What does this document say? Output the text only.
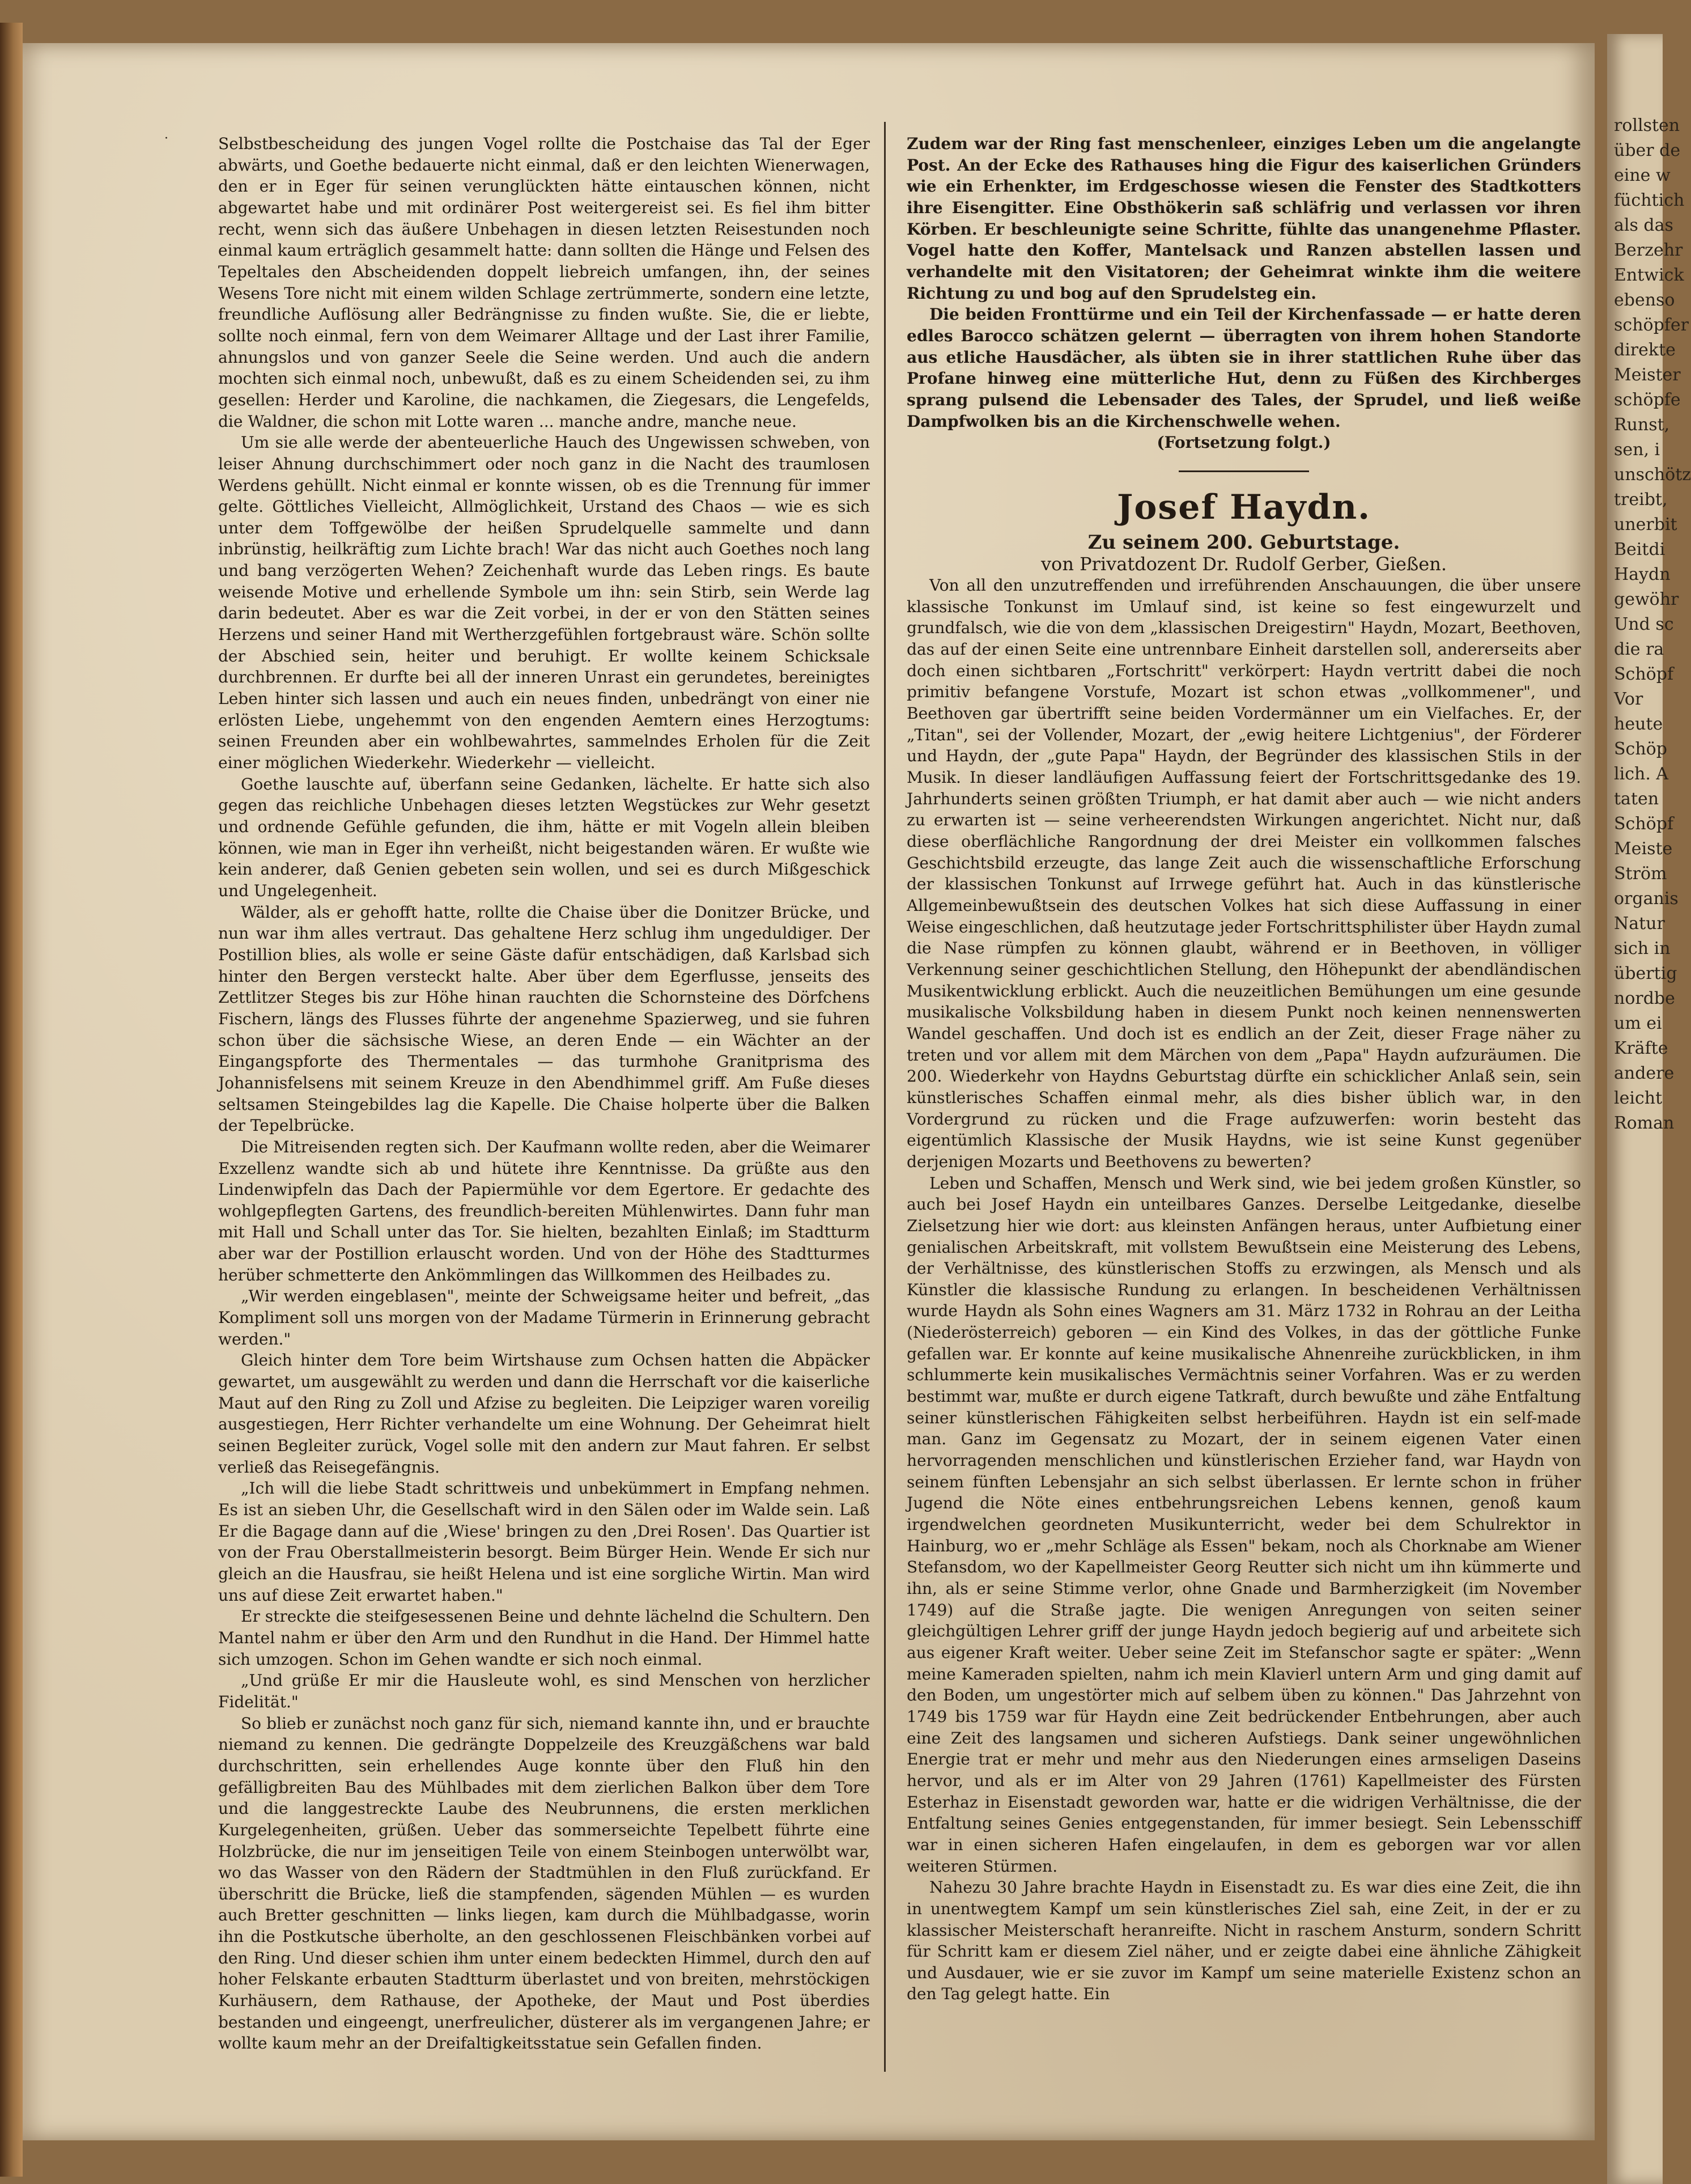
rollsten
über de
eine w
füchtich
als das
Berzehr
Entwick
ebenso
schöpfer
direkte
Meister
schöpfe
Runst,
sen, i
unschötz
treibt,
unerbit
Beitdi
Haydn
gewöhr
Und sc
die ra
Schöpf
Vor
heute
Schöp
lich. A
taten
Schöpf
Meiste
Ström
organis
Natur
sich in
übertig
nordbe
um ei
Kräfte
andere
leicht
Roman
·	Selbstbescheidung des jungen Vogel rollte die Postchaise das Tal der Eger abwärts, und Goethe bedauerte nicht einmal, daß er den leichten Wienerwagen, den er in Eger für seinen verunglückten hätte eintauschen können, nicht abgewartet habe und mit ordinärer Post weitergereist sei. Es fiel ihm bitter recht, wenn sich das äußere Unbehagen in diesen letzten Reisestunden noch einmal kaum erträglich gesammelt hatte: dann sollten die Hänge und Felsen des Tepeltales den Abscheidenden doppelt liebreich umfangen, ihn, der seines Wesens Tore nicht mit einem wilden Schlage zertrümmerte, sondern eine letzte, freundliche Auflösung aller Bedrängnisse zu finden wußte. Sie, die er liebte, sollte noch einmal, fern von dem Weimarer Alltage und der Last ihrer Familie, ahnungslos und von ganzer Seele die Seine werden. Und auch die andern mochten sich einmal noch, unbewußt, daß es zu einem Scheidenden sei, zu ihm gesellen: Herder und Karoline, die nachkamen, die Ziegesars, die Lengefelds, die Waldner, die schon mit Lotte waren ... manche andre, manche neue.

Um sie alle werde der abenteuerliche Hauch des Ungewissen schweben, von leiser Ahnung durchschimmert oder noch ganz in die Nacht des traumlosen Werdens gehüllt. Nicht einmal er konnte wissen, ob es die Trennung für immer gelte. Göttliches Vielleicht, Allmöglichkeit, Urstand des Chaos — wie es sich unter dem Toffgewölbe der heißen Sprudelquelle sammelte und dann inbrünstig, heilkräftig zum Lichte brach! War das nicht auch Goethes noch lang und bang verzögerten Wehen? Zeichenhaft wurde das Leben rings. Es baute weisende Motive und erhellende Symbole um ihn: sein Stirb, sein Werde lag darin bedeutet. Aber es war die Zeit vorbei, in der er von den Stätten seines Herzens und seiner Hand mit Wertherzgefühlen fortgebraust wäre. Schön sollte der Abschied sein, heiter und beruhigt. Er wollte keinem Schicksale durchbrennen. Er durfte bei all der inneren Unrast ein gerundetes, bereinigtes Leben hinter sich lassen und auch ein neues finden, unbedrängt von einer nie erlösten Liebe, ungehemmt von den engenden Aemtern eines Herzogtums: seinen Freunden aber ein wohlbewahrtes, sammelndes Erholen für die Zeit einer möglichen Wiederkehr. Wiederkehr — vielleicht.

Goethe lauschte auf, überfann seine Gedanken, lächelte. Er hatte sich also gegen das reichliche Unbehagen dieses letzten Wegstückes zur Wehr gesetzt und ordnende Gefühle gefunden, die ihm, hätte er mit Vogeln allein bleiben können, wie man in Eger ihn verheißt, nicht beigestanden wären. Er wußte wie kein anderer, daß Genien gebeten sein wollen, und sei es durch Mißgeschick und Ungelegenheit.

Wälder, als er gehofft hatte, rollte die Chaise über die Donitzer Brücke, und nun war ihm alles vertraut. Das gehaltene Herz schlug ihm ungeduldiger. Der Postillion blies, als wolle er seine Gäste dafür entschädigen, daß Karlsbad sich hinter den Bergen versteckt halte. Aber über dem Egerflusse, jenseits des Zettlitzer Steges bis zur Höhe hinan rauchten die Schornsteine des Dörfchens Fischern, längs des Flusses führte der angenehme Spazierweg, und sie fuhren schon über die sächsische Wiese, an deren Ende — ein Wächter an der Eingangspforte des Thermentales — das turmhohe Granitprisma des Johannisfelsens mit seinem Kreuze in den Abendhimmel griff. Am Fuße dieses seltsamen Steingebildes lag die Kapelle. Die Chaise holperte über die Balken der Tepelbrücke.

Die Mitreisenden regten sich. Der Kaufmann wollte reden, aber die Weimarer Exzellenz wandte sich ab und hütete ihre Kenntnisse. Da grüßte aus den Lindenwipfeln das Dach der Papiermühle vor dem Egertore. Er gedachte des wohlgepflegten Gartens, des freundlich-bereiten Mühlenwirtes. Dann fuhr man mit Hall und Schall unter das Tor. Sie hielten, bezahlten Einlaß; im Stadtturm aber war der Postillion erlauscht worden. Und von der Höhe des Stadtturmes herüber schmetterte den Ankömmlingen das Willkommen des Heilbades zu.

„Wir werden eingeblasen", meinte der Schweigsame heiter und befreit, „das Kompliment soll uns morgen von der Madame Türmerin in Erinnerung gebracht werden."

Gleich hinter dem Tore beim Wirtshause zum Ochsen hatten die Abpäcker gewartet, um ausgewählt zu werden und dann die Herrschaft vor die kaiserliche Maut auf den Ring zu Zoll und Afzise zu begleiten. Die Leipziger waren voreilig ausgestiegen, Herr Richter verhandelte um eine Wohnung. Der Geheimrat hielt seinen Begleiter zurück, Vogel solle mit den andern zur Maut fahren. Er selbst verließ das Reisegefängnis.

„Ich will die liebe Stadt schrittweis und unbekümmert in Empfang nehmen. Es ist an sieben Uhr, die Gesellschaft wird in den Sälen oder im Walde sein. Laß Er die Bagage dann auf die ‚Wiese' bringen zu den ‚Drei Rosen'. Das Quartier ist von der Frau Oberstallmeisterin besorgt. Beim Bürger Hein. Wende Er sich nur gleich an die Hausfrau, sie heißt Helena und ist eine sorgliche Wirtin. Man wird uns auf diese Zeit erwartet haben."

Er streckte die steifgesessenen Beine und dehnte lächelnd die Schultern. Den Mantel nahm er über den Arm und den Rundhut in die Hand. Der Himmel hatte sich umzogen. Schon im Gehen wandte er sich noch einmal.

„Und grüße Er mir die Hausleute wohl, es sind Menschen von herzlicher Fidelität."

So blieb er zunächst noch ganz für sich, niemand kannte ihn, und er brauchte niemand zu kennen. Die gedrängte Doppelzeile des Kreuzgäßchens war bald durchschritten, sein erhellendes Auge konnte über den Fluß hin den gefälligbreiten Bau des Mühlbades mit dem zierlichen Balkon über dem Tore und die langgestreckte Laube des Neubrunnens, die ersten merklichen Kurgelegenheiten, grüßen. Ueber das sommerseichte Tepelbett führte eine Holzbrücke, die nur im jenseitigen Teile von einem Steinbogen unterwölbt war, wo das Wasser von den Rädern der Stadtmühlen in den Fluß zurückfand. Er überschritt die Brücke, ließ die stampfenden, sägenden Mühlen — es wurden auch Bretter geschnitten — links liegen, kam durch die Mühlbadgasse, worin ihn die Postkutsche überholte, an den geschlossenen Fleischbänken vorbei auf den Ring. Und dieser schien ihm unter einem bedeckten Himmel, durch den auf hoher Felskante erbauten Stadtturm überlastet und von breiten, mehrstöckigen Kurhäusern, dem Rathause, der Apotheke, der Maut und Post überdies bestanden und eingeengt, unerfreulicher, düsterer als im vergangenen Jahre; er wollte kaum mehr an der Dreifaltigkeitsstatue sein Gefallen finden.

Zudem war der Ring fast menschenleer, einziges Leben um die angelangte Post. An der Ecke des Rathauses hing die Figur des kaiserlichen Gründers wie ein Erhenkter, im Erdgeschosse wiesen die Fenster des Stadtkotters ihre Eisengitter. Eine Obsthökerin saß schläfrig und verlassen vor ihren Körben. Er beschleunigte seine Schritte, fühlte das unangenehme Pflaster. Vogel hatte den Koffer, Mantelsack und Ranzen abstellen lassen und verhandelte mit den Visitatoren; der Geheimrat winkte ihm die weitere Richtung zu und bog auf den Sprudelsteg ein.

Die beiden Fronttürme und ein Teil der Kirchenfassade — er hatte deren edles Barocco schätzen gelernt — überragten von ihrem hohen Standorte aus etliche Hausdächer, als übten sie in ihrer stattlichen Ruhe über das Profane hinweg eine mütterliche Hut, denn zu Füßen des Kirchberges sprang pulsend die Lebensader des Tales, der Sprudel, und ließ weiße Dampfwolken bis an die Kirchenschwelle wehen.

(Fortsetzung folgt.)

Josef Haydn.

Zu seinem 200. Geburtstage.

von Privatdozent Dr. Rudolf Gerber, Gießen.

Von all den unzutreffenden und irreführenden Anschauungen, die über unsere klassische Tonkunst im Umlauf sind, ist keine so fest eingewurzelt und grundfalsch, wie die von dem „klassischen Dreigestirn" Haydn, Mozart, Beethoven, das auf der einen Seite eine untrennbare Einheit darstellen soll, andererseits aber doch einen sichtbaren „Fortschritt" verkörpert: Haydn vertritt dabei die noch primitiv befangene Vorstufe, Mozart ist schon etwas „vollkommener", und Beethoven gar übertrifft seine beiden Vordermänner um ein Vielfaches. Er, der „Titan", sei der Vollender, Mozart, der „ewig heitere Lichtgenius", der Förderer und Haydn, der „gute Papa" Haydn, der Begründer des klassischen Stils in der Musik. In dieser landläufigen Auffassung feiert der Fortschrittsgedanke des 19. Jahrhunderts seinen größten Triumph, er hat damit aber auch — wie nicht anders zu erwarten ist — seine verheerendsten Wirkungen angerichtet. Nicht nur, daß diese oberflächliche Rangordnung der drei Meister ein vollkommen falsches Geschichtsbild erzeugte, das lange Zeit auch die wissenschaftliche Erforschung der klassischen Tonkunst auf Irrwege geführt hat. Auch in das künstlerische Allgemeinbewußtsein des deutschen Volkes hat sich diese Auffassung in einer Weise eingeschlichen, daß heutzutage jeder Fortschrittsphilister über Haydn zumal die Nase rümpfen zu können glaubt, während er in Beethoven, in völliger Verkennung seiner geschichtlichen Stellung, den Höhepunkt der abendländischen Musikentwicklung erblickt. Auch die neuzeitlichen Bemühungen um eine gesunde musikalische Volksbildung haben in diesem Punkt noch keinen nennenswerten Wandel geschaffen. Und doch ist es endlich an der Zeit, dieser Frage näher zu treten und vor allem mit dem Märchen von dem „Papa" Haydn aufzuräumen. Die 200. Wiederkehr von Haydns Geburtstag dürfte ein schicklicher Anlaß sein, sein künstlerisches Schaffen einmal mehr, als dies bisher üblich war, in den Vordergrund zu rücken und die Frage aufzuwerfen: worin besteht das eigentümlich Klassische der Musik Haydns, wie ist seine Kunst gegenüber derjenigen Mozarts und Beethovens zu bewerten?

Leben und Schaffen, Mensch und Werk sind, wie bei jedem großen Künstler, so auch bei Josef Haydn ein unteilbares Ganzes. Derselbe Leitgedanke, dieselbe Zielsetzung hier wie dort: aus kleinsten Anfängen heraus, unter Aufbietung einer genialischen Arbeitskraft, mit vollstem Bewußtsein eine Meisterung des Lebens, der Verhältnisse, des künstlerischen Stoffs zu erzwingen, als Mensch und als Künstler die klassische Rundung zu erlangen. In bescheidenen Verhältnissen wurde Haydn als Sohn eines Wagners am 31. März 1732 in Rohrau an der Leitha (Niederösterreich) geboren — ein Kind des Volkes, in das der göttliche Funke gefallen war. Er konnte auf keine musikalische Ahnenreihe zurückblicken, in ihm schlummerte kein musikalisches Vermächtnis seiner Vorfahren. Was er zu werden bestimmt war, mußte er durch eigene Tatkraft, durch bewußte und zähe Entfaltung seiner künstlerischen Fähigkeiten selbst herbeiführen. Haydn ist ein self-made man. Ganz im Gegensatz zu Mozart, der in seinem eigenen Vater einen hervorragenden menschlichen und künstlerischen Erzieher fand, war Haydn von seinem fünften Lebensjahr an sich selbst überlassen. Er lernte schon in früher Jugend die Nöte eines entbehrungsreichen Lebens kennen, genoß kaum irgendwelchen geordneten Musikunterricht, weder bei dem Schulrektor in Hainburg, wo er „mehr Schläge als Essen" bekam, noch als Chorknabe am Wiener Stefansdom, wo der Kapellmeister Georg Reutter sich nicht um ihn kümmerte und ihn, als er seine Stimme verlor, ohne Gnade und Barmherzigkeit (im November 1749) auf die Straße jagte. Die wenigen Anregungen von seiten seiner gleichgültigen Lehrer griff der junge Haydn jedoch begierig auf und arbeitete sich aus eigener Kraft weiter. Ueber seine Zeit im Stefanschor sagte er später: „Wenn meine Kameraden spielten, nahm ich mein Klavierl untern Arm und ging damit auf den Boden, um ungestörter mich auf selbem üben zu können." Das Jahrzehnt von 1749 bis 1759 war für Haydn eine Zeit bedrückender Entbehrungen, aber auch eine Zeit des langsamen und sicheren Aufstiegs. Dank seiner ungewöhnlichen Energie trat er mehr und mehr aus den Niederungen eines armseligen Daseins hervor, und als er im Alter von 29 Jahren (1761) Kapellmeister des Fürsten Esterhaz in Eisenstadt geworden war, hatte er die widrigen Verhältnisse, die der Entfaltung seines Genies entgegenstanden, für immer besiegt. Sein Lebensschiff war in einen sicheren Hafen eingelaufen, in dem es geborgen war vor allen weiteren Stürmen.

Nahezu 30 Jahre brachte Haydn in Eisenstadt zu. Es war dies eine Zeit, die ihn in unentwegtem Kampf um sein künstlerisches Ziel sah, eine Zeit, in der er zu klassischer Meisterschaft heranreifte. Nicht in raschem Ansturm, sondern Schritt für Schritt kam er diesem Ziel näher, und er zeigte dabei eine ähnliche Zähigkeit und Ausdauer, wie er sie zuvor im Kampf um seine materielle Existenz schon an den Tag gelegt hatte. Ein
